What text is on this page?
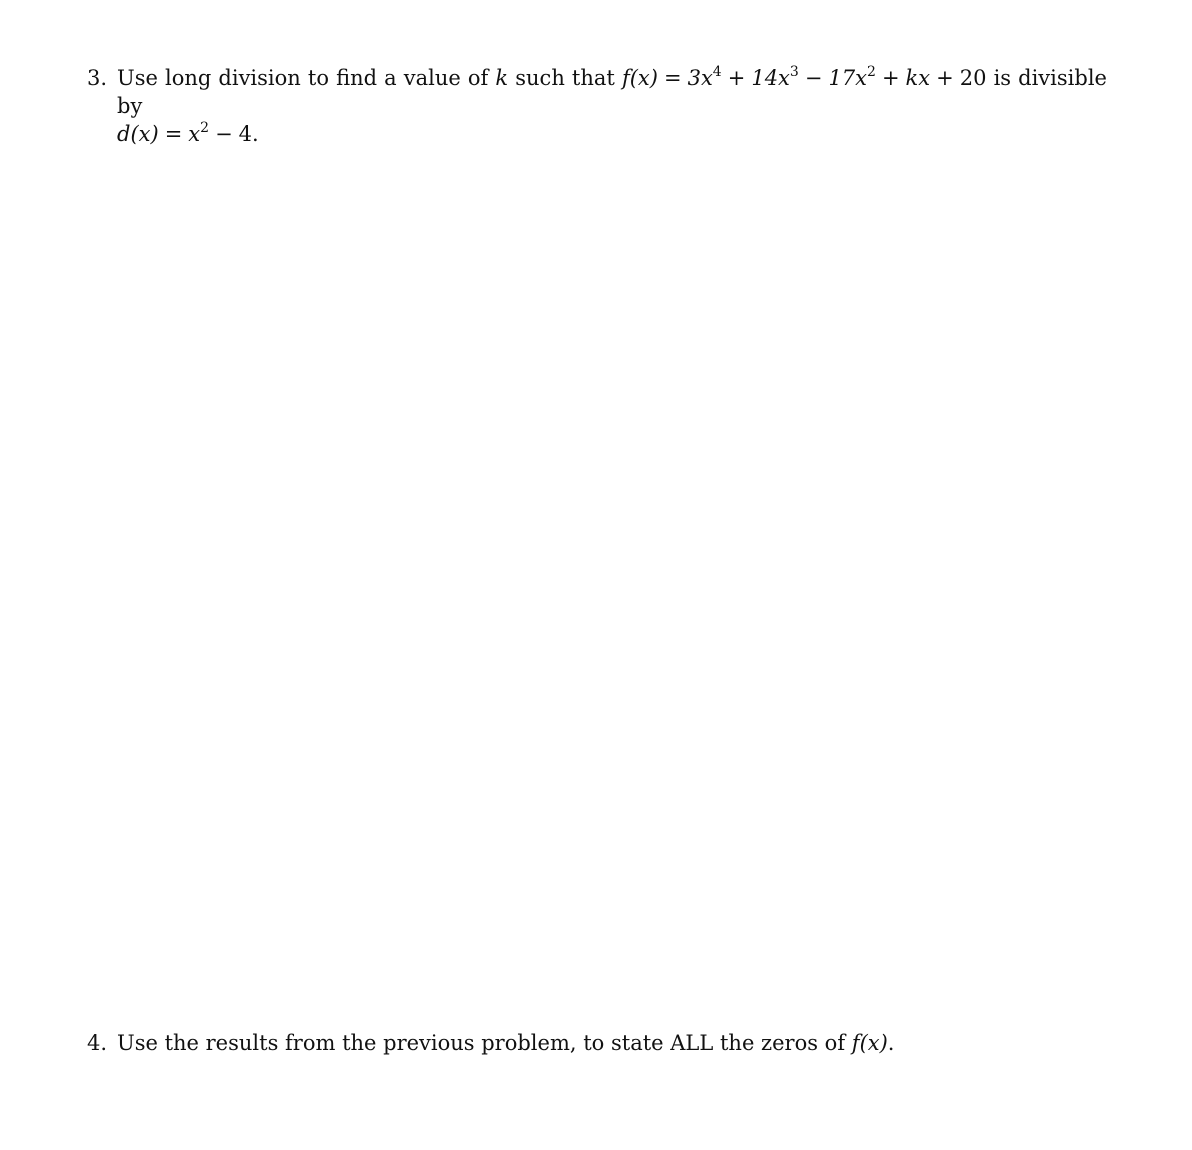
3. Use long division to find a value of k such that $f(x) = 3x^4 + 14x^3 - 17x^2$ + kx + 20 is divisible by
$d(x) = x^2 - 4$.
4. Use the results from the previous problem, to state ALL the zeros of f(x).
